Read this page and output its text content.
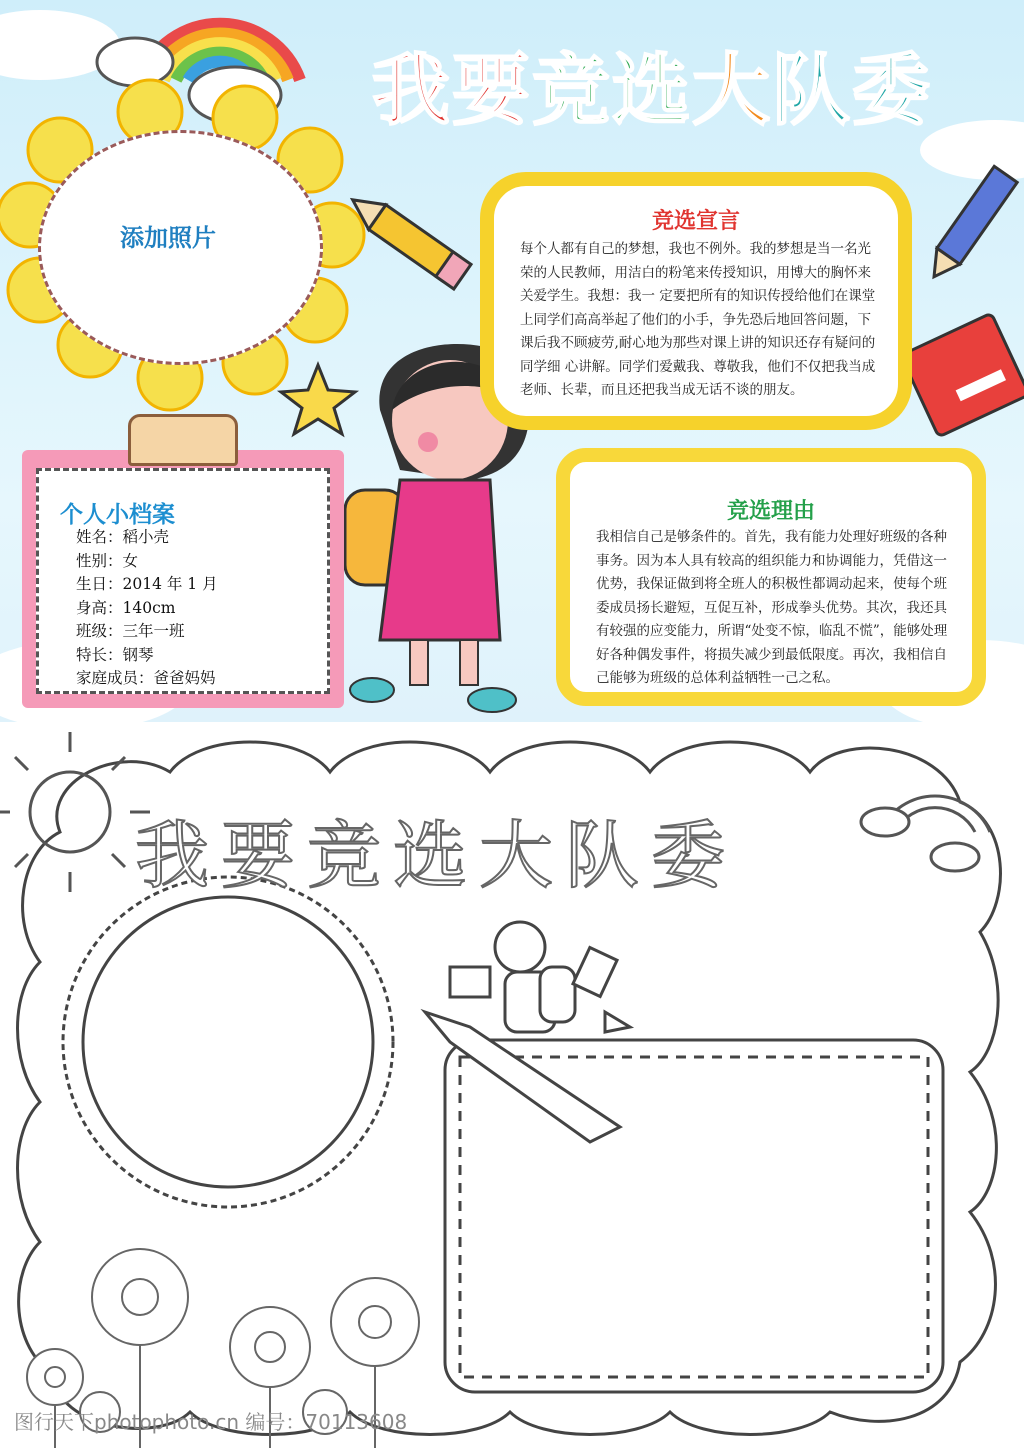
我要竞选大队委
添加照片
竞选宣言
每个人都有自己的梦想，我也不例外。我的梦想是当一名光荣的人民教师，用洁白的粉笔来传授知识，用博大的胸怀来关爱学生。我想：我一 定要把所有的知识传授给他们在课堂上同学们高高举起了他们的小手，争先恐后地回答问题，下课后我不顾疲劳,耐心地为那些对课上讲的知识还存有疑问的同学细 心讲解。同学们爱戴我、尊敬我，他们不仅把我当成老师、长辈，而且还把我当成无话不谈的朋友。
竞选理由
我相信自己是够条件的。首先，我有能力处理好班级的各种事务。因为本人具有较高的组织能力和协调能力，凭借这一优势，我保证做到将全班人的积极性都调动起来，使每个班委成员扬长避短，互促互补，形成拳头优势。其次，我还具有较强的应变能力，所谓“处变不惊，临乱不慌”，能够处理好各种偶发事件，将损失减少到最低限度。再次，我相信自己能够为班级的总体利益牺牲一己之私。
个人小档案
姓名：稻小壳
性别：女
生日：2014 年 1 月
身高：140cm
班级：三年一班
特长：钢琴
家庭成员：爸爸妈妈
我要竞选大队委
图行天下photophoto.cn 编号：70113608
